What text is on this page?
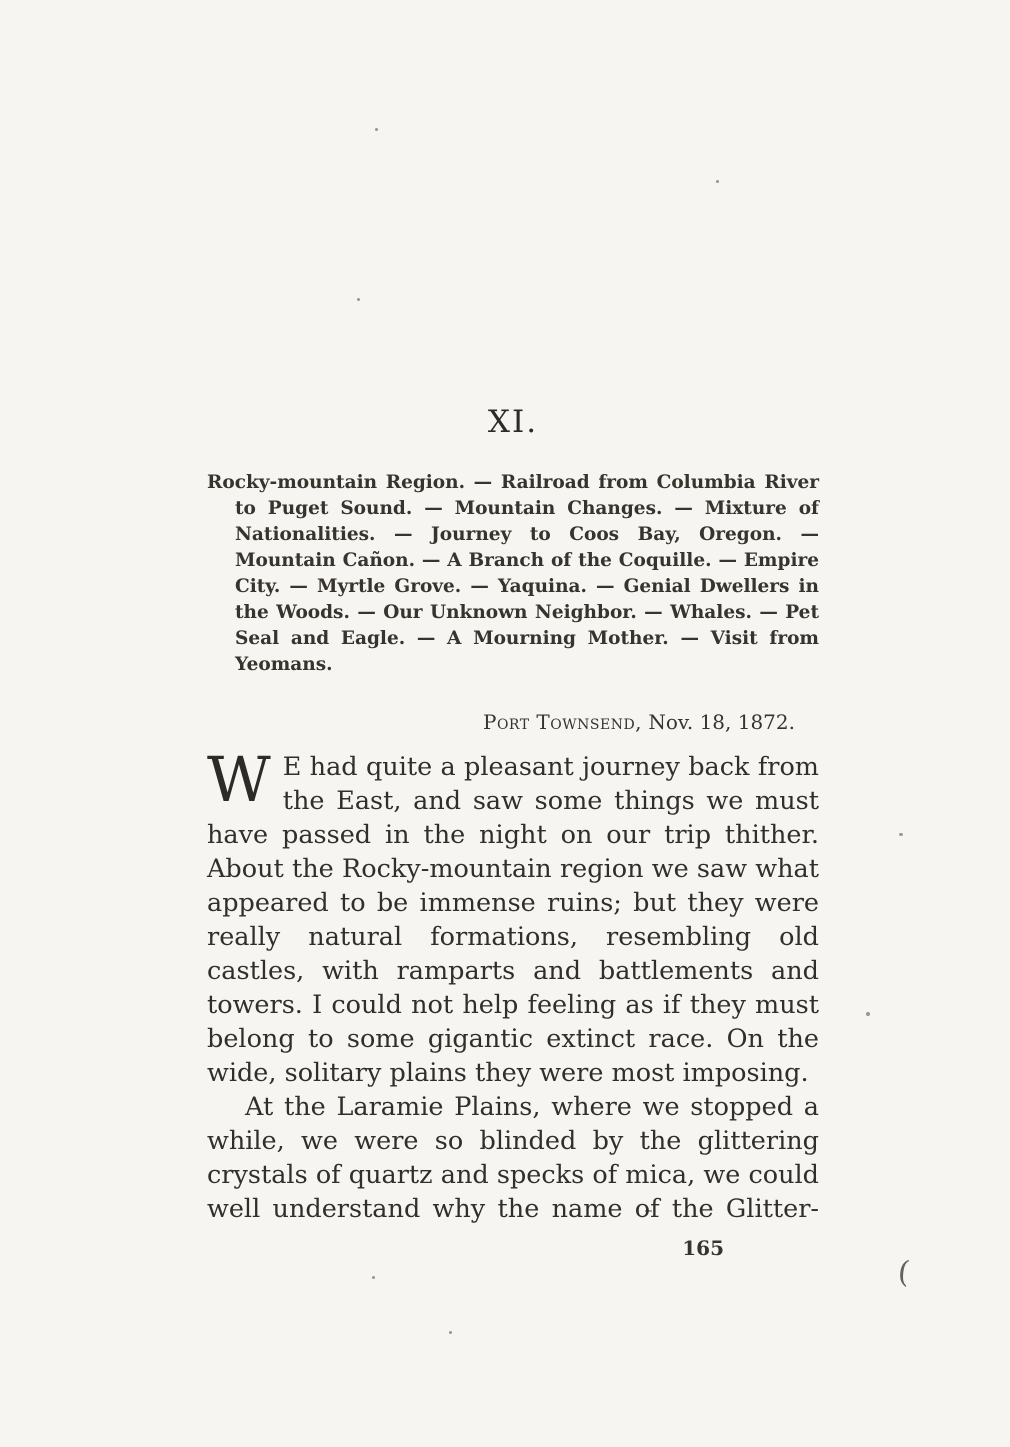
XI.

Rocky-mountain Region. — Railroad from Columbia River to Puget Sound. — Mountain Changes. — Mixture of Nationalities. — Journey to Coos Bay, Oregon. — Mountain Cañon. — A Branch of the Coquille. — Empire City. — Myrtle Grove. — Yaquina. — Genial Dwellers in the Woods. — Our Unknown Neighbor. — Whales. — Pet Seal and Eagle. — A Mourning Mother. — Visit from Yeomans.

Port Townsend, Nov. 18, 1872.

W E had quite a pleasant journey back from the East, and saw some things we must have passed in the night on our trip thither. About the Rocky-mountain region we saw what appeared to be immense ruins; but they were really natural formations, resembling old castles, with ramparts and battlements and towers. I could not help feeling as if they must belong to some gigantic extinct race. On the wide, solitary plains they were most imposing.

At the Laramie Plains, where we stopped a while, we were so blinded by the glittering crystals of quartz and specks of mica, we could well understand why the name of the Glitter-

165
(
